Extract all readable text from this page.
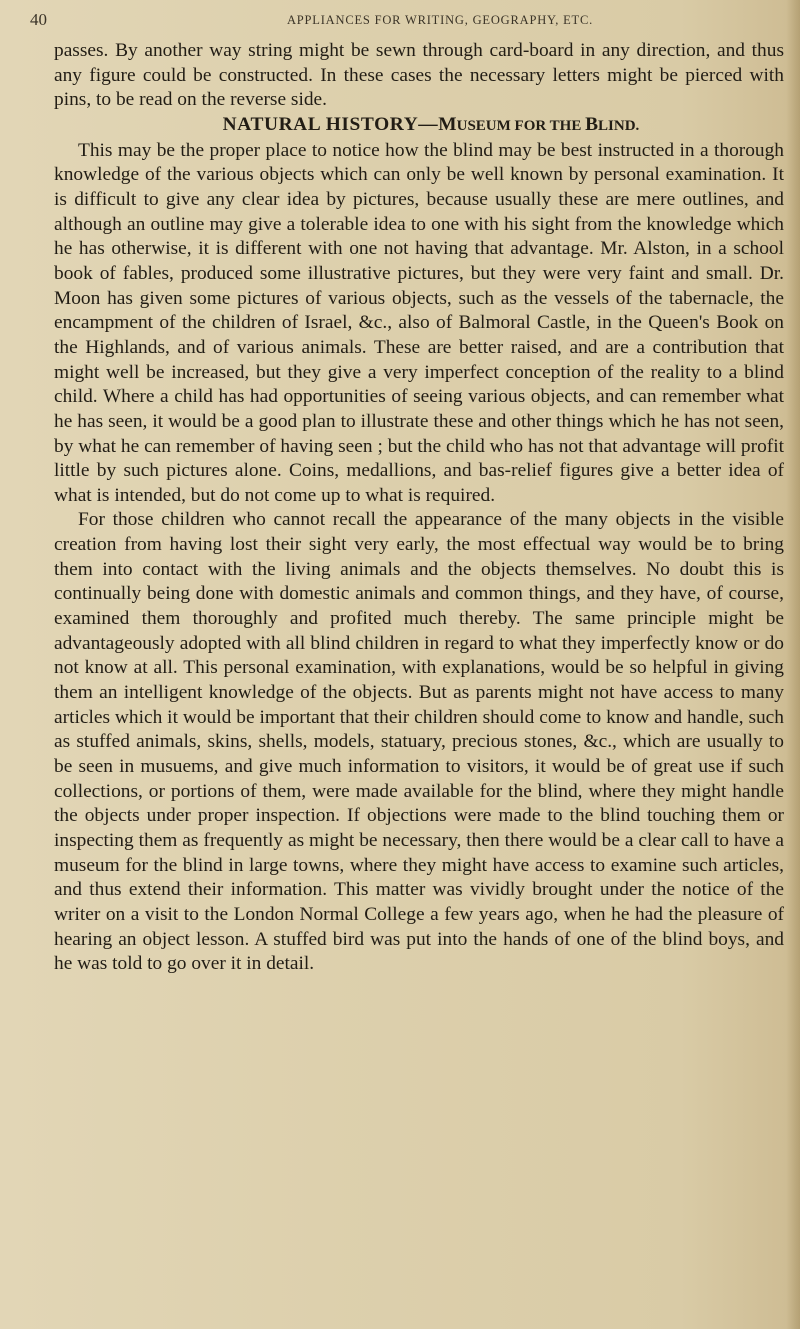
40	APPLIANCES FOR WRITING, GEOGRAPHY, ETC.

passes. By another way string might be sewn through card-board in any direction, and thus any figure could be constructed. In these cases the necessary letters might be pierced with pins, to be read on the reverse side.

NATURAL HISTORY—MUSEUM FOR THE BLIND.

This may be the proper place to notice how the blind may be best instructed in a thorough knowledge of the various objects which can only be well known by personal examination. It is difficult to give any clear idea by pictures, because usually these are mere outlines, and although an outline may give a tolerable idea to one with his sight from the knowledge which he has otherwise, it is different with one not having that advantage. Mr. Alston, in a school book of fables, produced some illustrative pictures, but they were very faint and small. Dr. Moon has given some pictures of various objects, such as the vessels of the tabernacle, the encampment of the children of Israel, &c., also of Balmoral Castle, in the Queen's Book on the Highlands, and of various animals. These are better raised, and are a contribution that might well be increased, but they give a very imperfect conception of the reality to a blind child. Where a child has had opportunities of seeing various objects, and can remember what he has seen, it would be a good plan to illustrate these and other things which he has not seen, by what he can remember of having seen ; but the child who has not that advantage will profit little by such pictures alone. Coins, medallions, and bas-relief figures give a better idea of what is intended, but do not come up to what is required.

For those children who cannot recall the appearance of the many objects in the visible creation from having lost their sight very early, the most effectual way would be to bring them into contact with the living animals and the objects themselves. No doubt this is continually being done with domestic animals and common things, and they have, of course, examined them thoroughly and profited much thereby. The same principle might be advantageously adopted with all blind children in regard to what they imperfectly know or do not know at all. This personal examination, with explanations, would be so helpful in giving them an intelligent knowledge of the objects. But as parents might not have access to many articles which it would be important that their children should come to know and handle, such as stuffed animals, skins, shells, models, statuary, precious stones, &c., which are usually to be seen in musuems, and give much information to visitors, it would be of great use if such collections, or portions of them, were made available for the blind, where they might handle the objects under proper inspection. If objections were made to the blind touching them or inspecting them as frequently as might be necessary, then there would be a clear call to have a museum for the blind in large towns, where they might have access to examine such articles, and thus extend their information. This matter was vividly brought under the notice of the writer on a visit to the London Normal College a few years ago, when he had the pleasure of hearing an object lesson. A stuffed bird was put into the hands of one of the blind boys, and he was told to go over it in detail.
